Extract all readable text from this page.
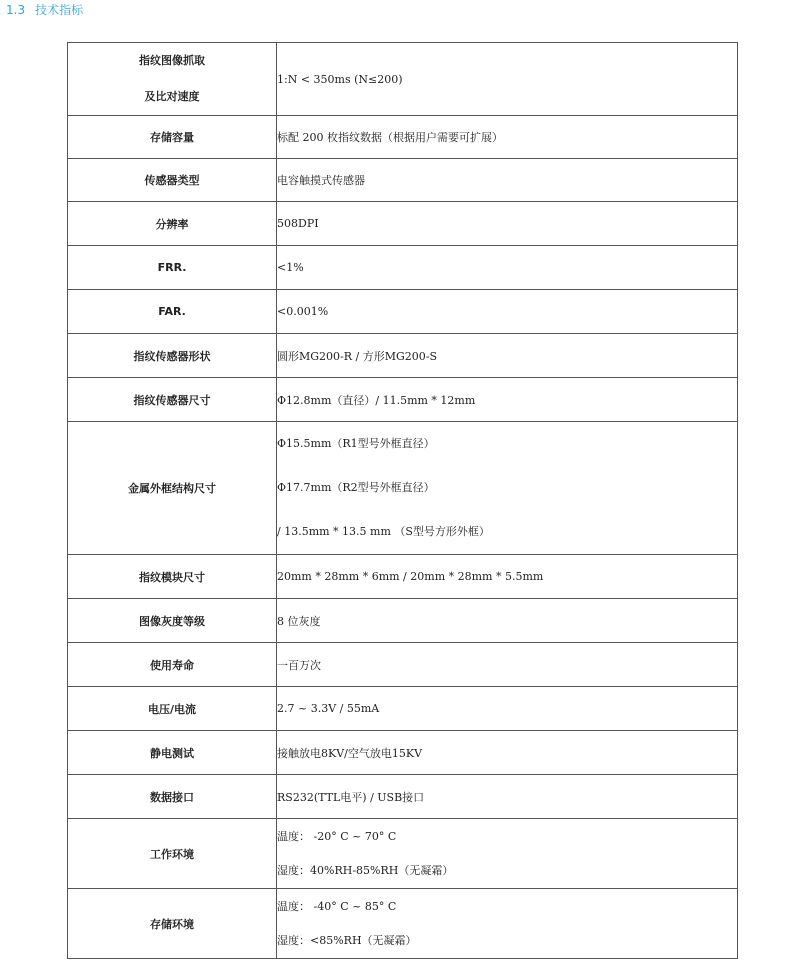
1.3 技术指标
指纹图像抓取
及比对速度	1:N < 350ms (N≤200)

存储容量	标配 200 枚指纹数据（根据用户需要可扩展）
传感器类型	电容触摸式传感器
分辨率	508DPI
FRR.	<1%
FAR.	<0.001%
指纹传感器形状	圆形MG200-R / 方形MG200-S
指纹传感器尺寸	Φ12.8mm（直径）/ 11.5mm * 12mm
金属外框结构尺寸	Φ15.5mm（R1型号外框直径）
Φ17.7mm（R2型号外框直径）
/ 13.5mm * 13.5 mm （S型号方形外框）

指纹模块尺寸	20mm * 28mm * 6mm / 20mm * 28mm * 5.5mm
图像灰度等级	8 位灰度
使用寿命	一百万次
电压/电流	2.7 ~ 3.3V / 55mA
静电测试	接触放电8KV/空气放电15KV
数据接口	RS232(TTL电平) / USB接口
工作环境	温度： -20° C ~ 70° C
湿度：40%RH-85%RH（无凝霜）

存储环境	温度： -40° C ~ 85° C
湿度：<85%RH（无凝霜）
